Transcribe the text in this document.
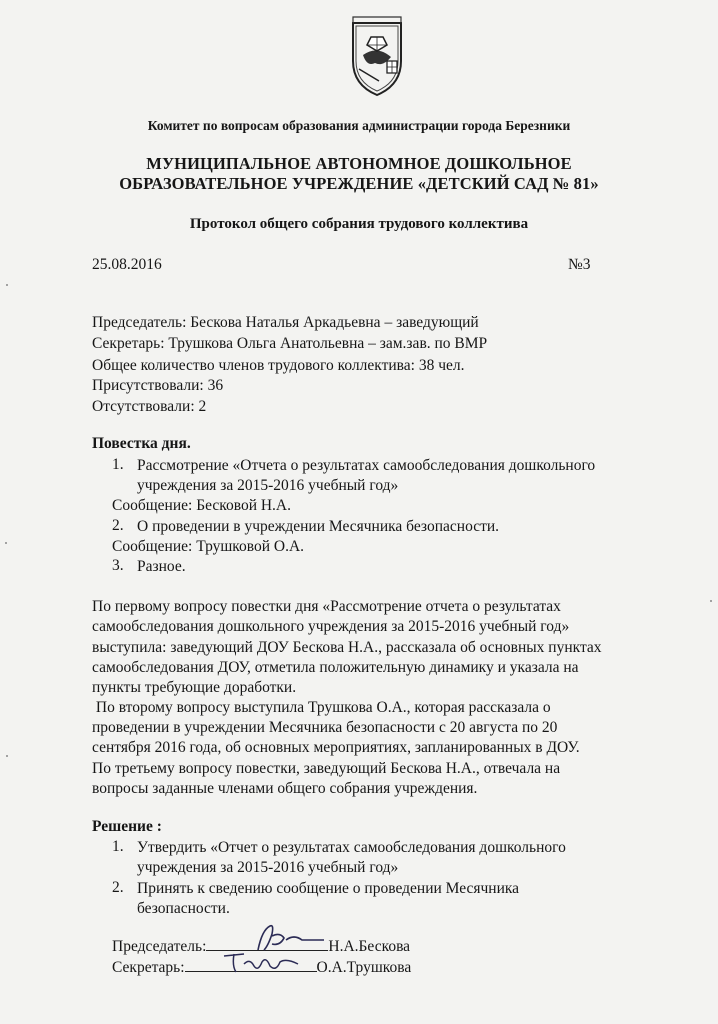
Комитет по вопросам образования администрации города Березники
МУНИЦИПАЛЬНОЕ АВТОНОМНОЕ ДОШКОЛЬНОЕ
ОБРАЗОВАТЕЛЬНОЕ УЧРЕЖДЕНИЕ «ДЕТСКИЙ САД № 81»
Протокол общего собрания трудового коллектива
25.08.2016	№3
Председатель: Бескова Наталья Аркадьевна – заведующий
Секретарь: Трушкова Ольга Анатольевна – зам.зав. по ВМР
Общее количество членов трудового коллектива: 38 чел.
Присутствовали: 36
Отсутствовали: 2
Повестка дня.
1. Рассмотрение «Отчета о результатах самообследования дошкольного
учреждения за 2015-2016 учебный год»
Сообщение: Бесковой Н.А.
2. О проведении в учреждении Месячника безопасности.
Сообщение: Трушковой О.А.
3. Разное.
По первому вопросу повестки дня «Рассмотрение отчета о результатах
самообследования дошкольного учреждения за 2015-2016 учебный год»
выступила: заведующий ДОУ Бескова Н.А., рассказала об основных пунктах
самообследования ДОУ, отметила положительную динамику и указала на
пункты требующие доработки.
По второму вопросу выступила Трушкова О.А., которая рассказала о
проведении в учреждении Месячника безопасности с 20 августа по 20
сентября 2016 года, об основных мероприятиях, запланированных в ДОУ.
По третьему вопросу повестки, заведующий Бескова Н.А., отвечала на
вопросы заданные членами общего собрания учреждения.
Решение :
1. Утвердить «Отчет о результатах самообследования дошкольного
учреждения за 2015-2016 учебный год»
2. Принять к сведению сообщение о проведении Месячника
безопасности.
Председатель:	Н.А.Бескова
Секретарь:	О.А.Трушкова
